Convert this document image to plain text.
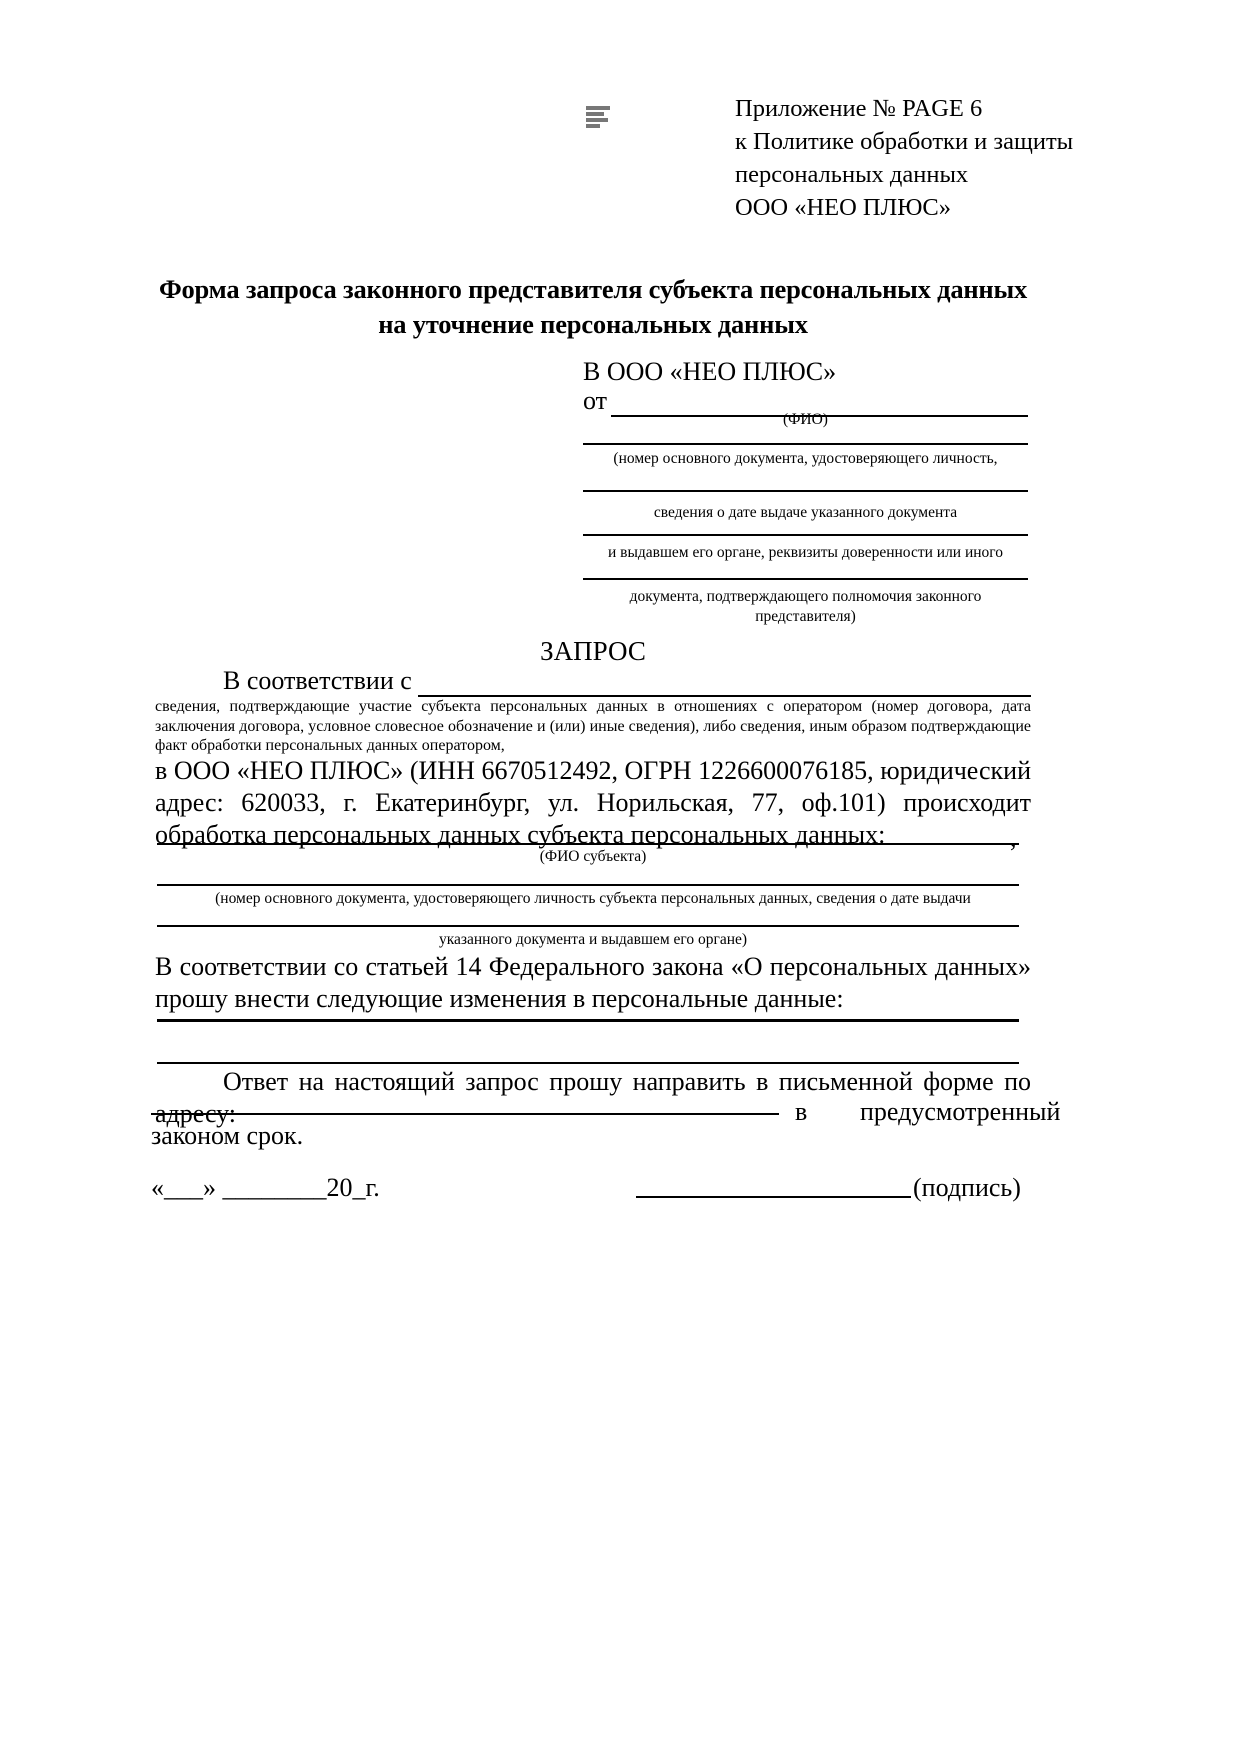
Приложение № PAGE 6
к Политике обработки и защиты
персональных данных
ООО «НЕО ПЛЮС»
Форма запроса законного представителя субъекта персональных данных на уточнение персональных данных
В ООО «НЕО ПЛЮС»
от
(ФИО)
(номер основного документа, удостоверяющего личность,
сведения о дате выдаче указанного документа
и выдавшем его органе, реквизиты доверенности или иного
документа, подтверждающего полномочия законного представителя)
ЗАПРОС
В соответствии с
сведения, подтверждающие участие субъекта персональных данных в отношениях с оператором (номер договора, дата заключения договора, условное словесное обозначение и (или) иные сведения), либо сведения, иным образом подтверждающие факт обработки персональных данных оператором,
в ООО «НЕО ПЛЮС» (ИНН 6670512492, ОГРН 1226600076185, юридический адрес: 620033, г. Екатеринбург, ул. Норильская, 77, оф.101) происходит обработка персональных данных субъекта персональных данных:	,
(ФИО субъекта)
(номер основного документа, удостоверяющего личность субъекта персональных данных, сведения о дате выдачи
указанного документа и выдавшем его органе)
В соответствии со статьей 14 Федерального закона «О персональных данных» прошу внести следующие изменения в персональные данные:
Ответ на настоящий запрос прошу направить в письменной форме по адресу:	в	предусмотренный
законом срок.
«___» ________20_г.	(подпись)
